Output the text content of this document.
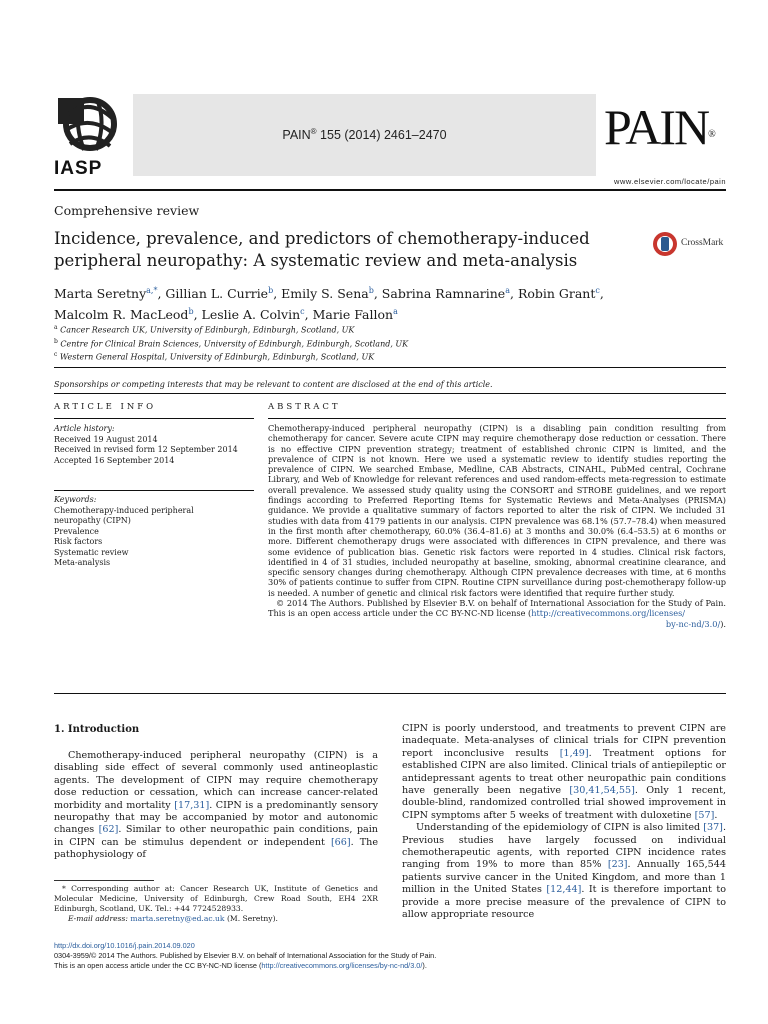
IASP
PAIN® 155 (2014) 2461–2470	PAIN®
www.elsevier.com/locate/pain
Comprehensive review
Incidence, prevalence, and predictors of chemotherapy-induced peripheral neuropathy: A systematic review and meta-analysis
CrossMark
Marta Seretny$^{a,*}$, Gillian L. Currie$^b$, Emily S. Sena$^b$, Sabrina Ramnarine$^a$, Robin Grant$^c$,
Malcolm R. MacLeod$^b$, Leslie A. Colvin$^c$, Marie Fallon$^a$
$^a$ Cancer Research UK, University of Edinburgh, Edinburgh, Scotland, UK
$^b$ Centre for Clinical Brain Sciences, University of Edinburgh, Edinburgh, Scotland, UK
$^c$ Western General Hospital, University of Edinburgh, Edinburgh, Scotland, UK
Sponsorships or competing interests that may be relevant to content are disclosed at the end of this article.
ARTICLE INFO
Article history:
Received 19 August 2014
Received in revised form 12 September 2014
Accepted 16 September 2014
Keywords:
Chemotherapy-induced peripheral
neuropathy (CIPN)
Prevalence
Risk factors
Systematic review
Meta-analysis
ABSTRACT

Chemotherapy-induced peripheral neuropathy (CIPN) is a disabling pain condition resulting from chemotherapy for cancer. Severe acute CIPN may require chemotherapy dose reduction or cessation. There is no effective CIPN prevention strategy; treatment of established chronic CIPN is limited, and the prevalence of CIPN is not known. Here we used a systematic review to identify studies reporting the prevalence of CIPN. We searched Embase, Medline, CAB Abstracts, CINAHL, PubMed central, Cochrane Library, and Web of Knowledge for relevant references and used random-effects meta-regression to estimate overall prevalence. We assessed study quality using the CONSORT and STROBE guidelines, and we report findings according to Preferred Reporting Items for Systematic Reviews and Meta-Analyses (PRISMA) guidance. We provide a qualitative summary of factors reported to alter the risk of CIPN. We included 31 studies with data from 4179 patients in our analysis. CIPN prevalence was 68.1% (57.7–78.4) when measured in the first month after chemotherapy, 60.0% (36.4–81.6) at 3 months and 30.0% (6.4–53.5) at 6 months or more. Different chemotherapy drugs were associated with differences in CIPN prevalence, and there was some evidence of publication bias. Genetic risk factors were reported in 4 studies. Clinical risk factors, identified in 4 of 31 studies, included neuropathy at baseline, smoking, abnormal creatinine clearance, and specific sensory changes during chemotherapy. Although CIPN prevalence decreases with time, at 6 months 30% of patients continue to suffer from CIPN. Routine CIPN surveillance during post-chemotherapy follow-up is needed. A number of genetic and clinical risk factors were identified that require further study.

© 2014 The Authors. Published by Elsevier B.V. on behalf of International Association for the Study of Pain. This is an open access article under the CC BY-NC-ND license (http://creativecommons.org/licenses/

by-nc-nd/3.0/).

1. Introduction

Chemotherapy-induced peripheral neuropathy (CIPN) is a disabling side effect of several commonly used antineoplastic agents. The development of CIPN may require chemotherapy dose reduction or cessation, which can increase cancer-related morbidity and mortality [17,31]. CIPN is a predominantly sensory neuropathy that may be accompanied by motor and autonomic changes [62]. Similar to other neuropathic pain conditions, pain in CIPN can be stimulus dependent or independent [66]. The pathophysiology of

CIPN is poorly understood, and treatments to prevent CIPN are inadequate. Meta-analyses of clinical trials for CIPN prevention report inconclusive results [1,49]. Treatment options for established CIPN are also limited. Clinical trials of antiepileptic or antidepressant agents to treat other neuropathic pain conditions have generally been negative [30,41,54,55]. Only 1 recent, double-blind, randomized controlled trial showed improvement in CIPN symptoms after 5 weeks of treatment with duloxetine [57].

Understanding of the epidemiology of CIPN is also limited [37]. Previous studies have largely focussed on individual chemotherapeutic agents, with reported CIPN incidence rates ranging from 19% to more than 85% [23]. Annually 165,544 patients survive cancer in the United Kingdom, and more than 1 million in the United States [12,44]. It is therefore important to provide a more precise measure of the prevalence of CIPN to allow appropriate resource

* Corresponding author at: Cancer Research UK, Institute of Genetics and Molecular Medicine, University of Edinburgh, Crew Road South, EH4 2XR Edinburgh, Scotland, UK. Tel.: +44 7724528933.
E-mail address: marta.seretny@ed.ac.uk (M. Seretny).
http://dx.doi.org/10.1016/j.pain.2014.09.020
0304-3959/© 2014 The Authors. Published by Elsevier B.V. on behalf of International Association for the Study of Pain.
This is an open access article under the CC BY-NC-ND license (http://creativecommons.org/licenses/by-nc-nd/3.0/).
